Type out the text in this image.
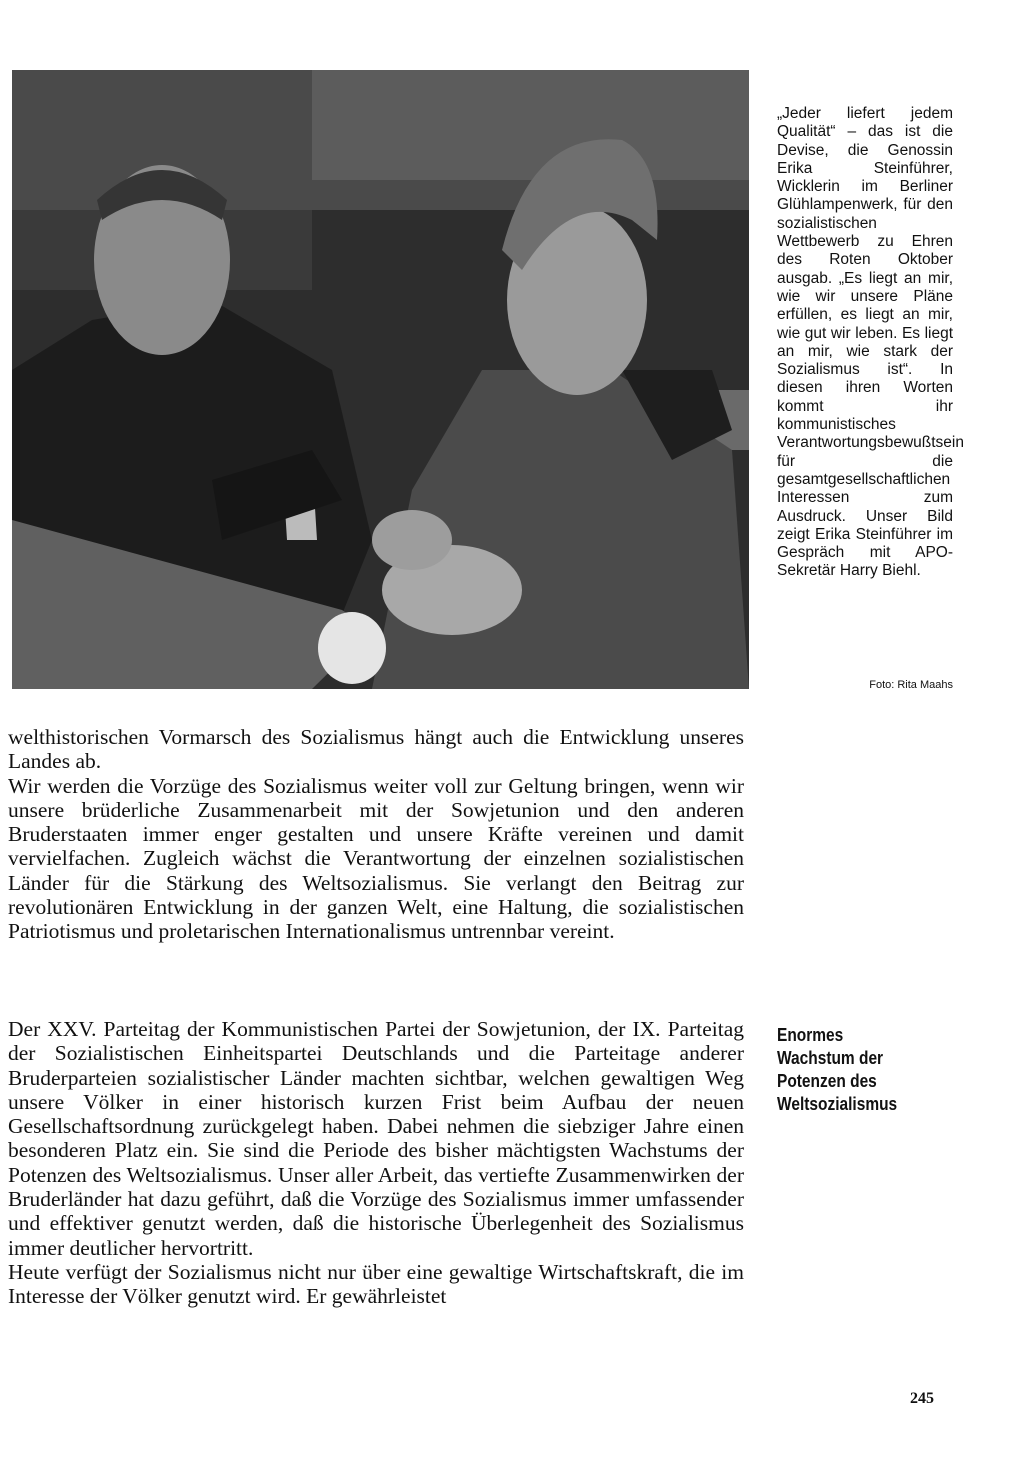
„Jeder liefert jedem Qualität“ – das ist die Devise, die Genossin Erika Steinführer, Wicklerin im Berliner Glühlampenwerk, für den sozialistischen Wettbewerb zu Ehren des Roten Oktober ausgab. „Es liegt an mir, wie wir unsere Pläne erfüllen, es liegt an mir, wie gut wir leben. Es liegt an mir, wie stark der Sozialismus ist“. In diesen ihren Worten kommt ihr kommunistisches Verantwortungsbewußtsein für die gesamtgesellschaftlichen Interessen zum Ausdruck. Unser Bild zeigt Erika Steinführer im Gespräch mit APO-Sekretär Harry Biehl.

Foto: Rita Maahs

welthistorischen Vormarsch des Sozialismus hängt auch die Entwicklung unseres Landes ab.

Wir werden die Vorzüge des Sozialismus weiter voll zur Geltung bringen, wenn wir unsere brüderliche Zusammenarbeit mit der Sowjetunion und den anderen Bruderstaaten immer enger gestalten und unsere Kräfte vereinen und damit vervielfachen. Zugleich wächst die Verantwortung der einzelnen sozialistischen Länder für die Stärkung des Weltsozialismus. Sie verlangt den Beitrag zur revolutionären Entwicklung in der ganzen Welt, eine Haltung, die sozialistischen Patriotismus und proletarischen Internationalismus untrennbar vereint.

Enormes
Wachstum der
Potenzen des
Weltsozialismus

Der XXV. Parteitag der Kommunistischen Partei der Sowjetunion, der IX. Parteitag der Sozialistischen Einheitspartei Deutschlands und die Parteitage anderer Bruderparteien sozialistischer Länder machten sichtbar, welchen gewaltigen Weg unsere Völker in einer historisch kurzen Frist beim Aufbau der neuen Gesellschaftsordnung zurückgelegt haben. Dabei nehmen die siebziger Jahre einen besonderen Platz ein. Sie sind die Periode des bisher mächtigsten Wachstums der Potenzen des Weltsozialismus. Unser aller Arbeit, das vertiefte Zusammenwirken der Bruderländer hat dazu geführt, daß die Vorzüge des Sozialismus immer umfassender und effektiver genutzt werden, daß die historische Überlegenheit des Sozialismus immer deutlicher hervortritt.

Heute verfügt der Sozialismus nicht nur über eine gewaltige Wirtschaftskraft, die im Interesse der Völker genutzt wird. Er gewährleistet

245
